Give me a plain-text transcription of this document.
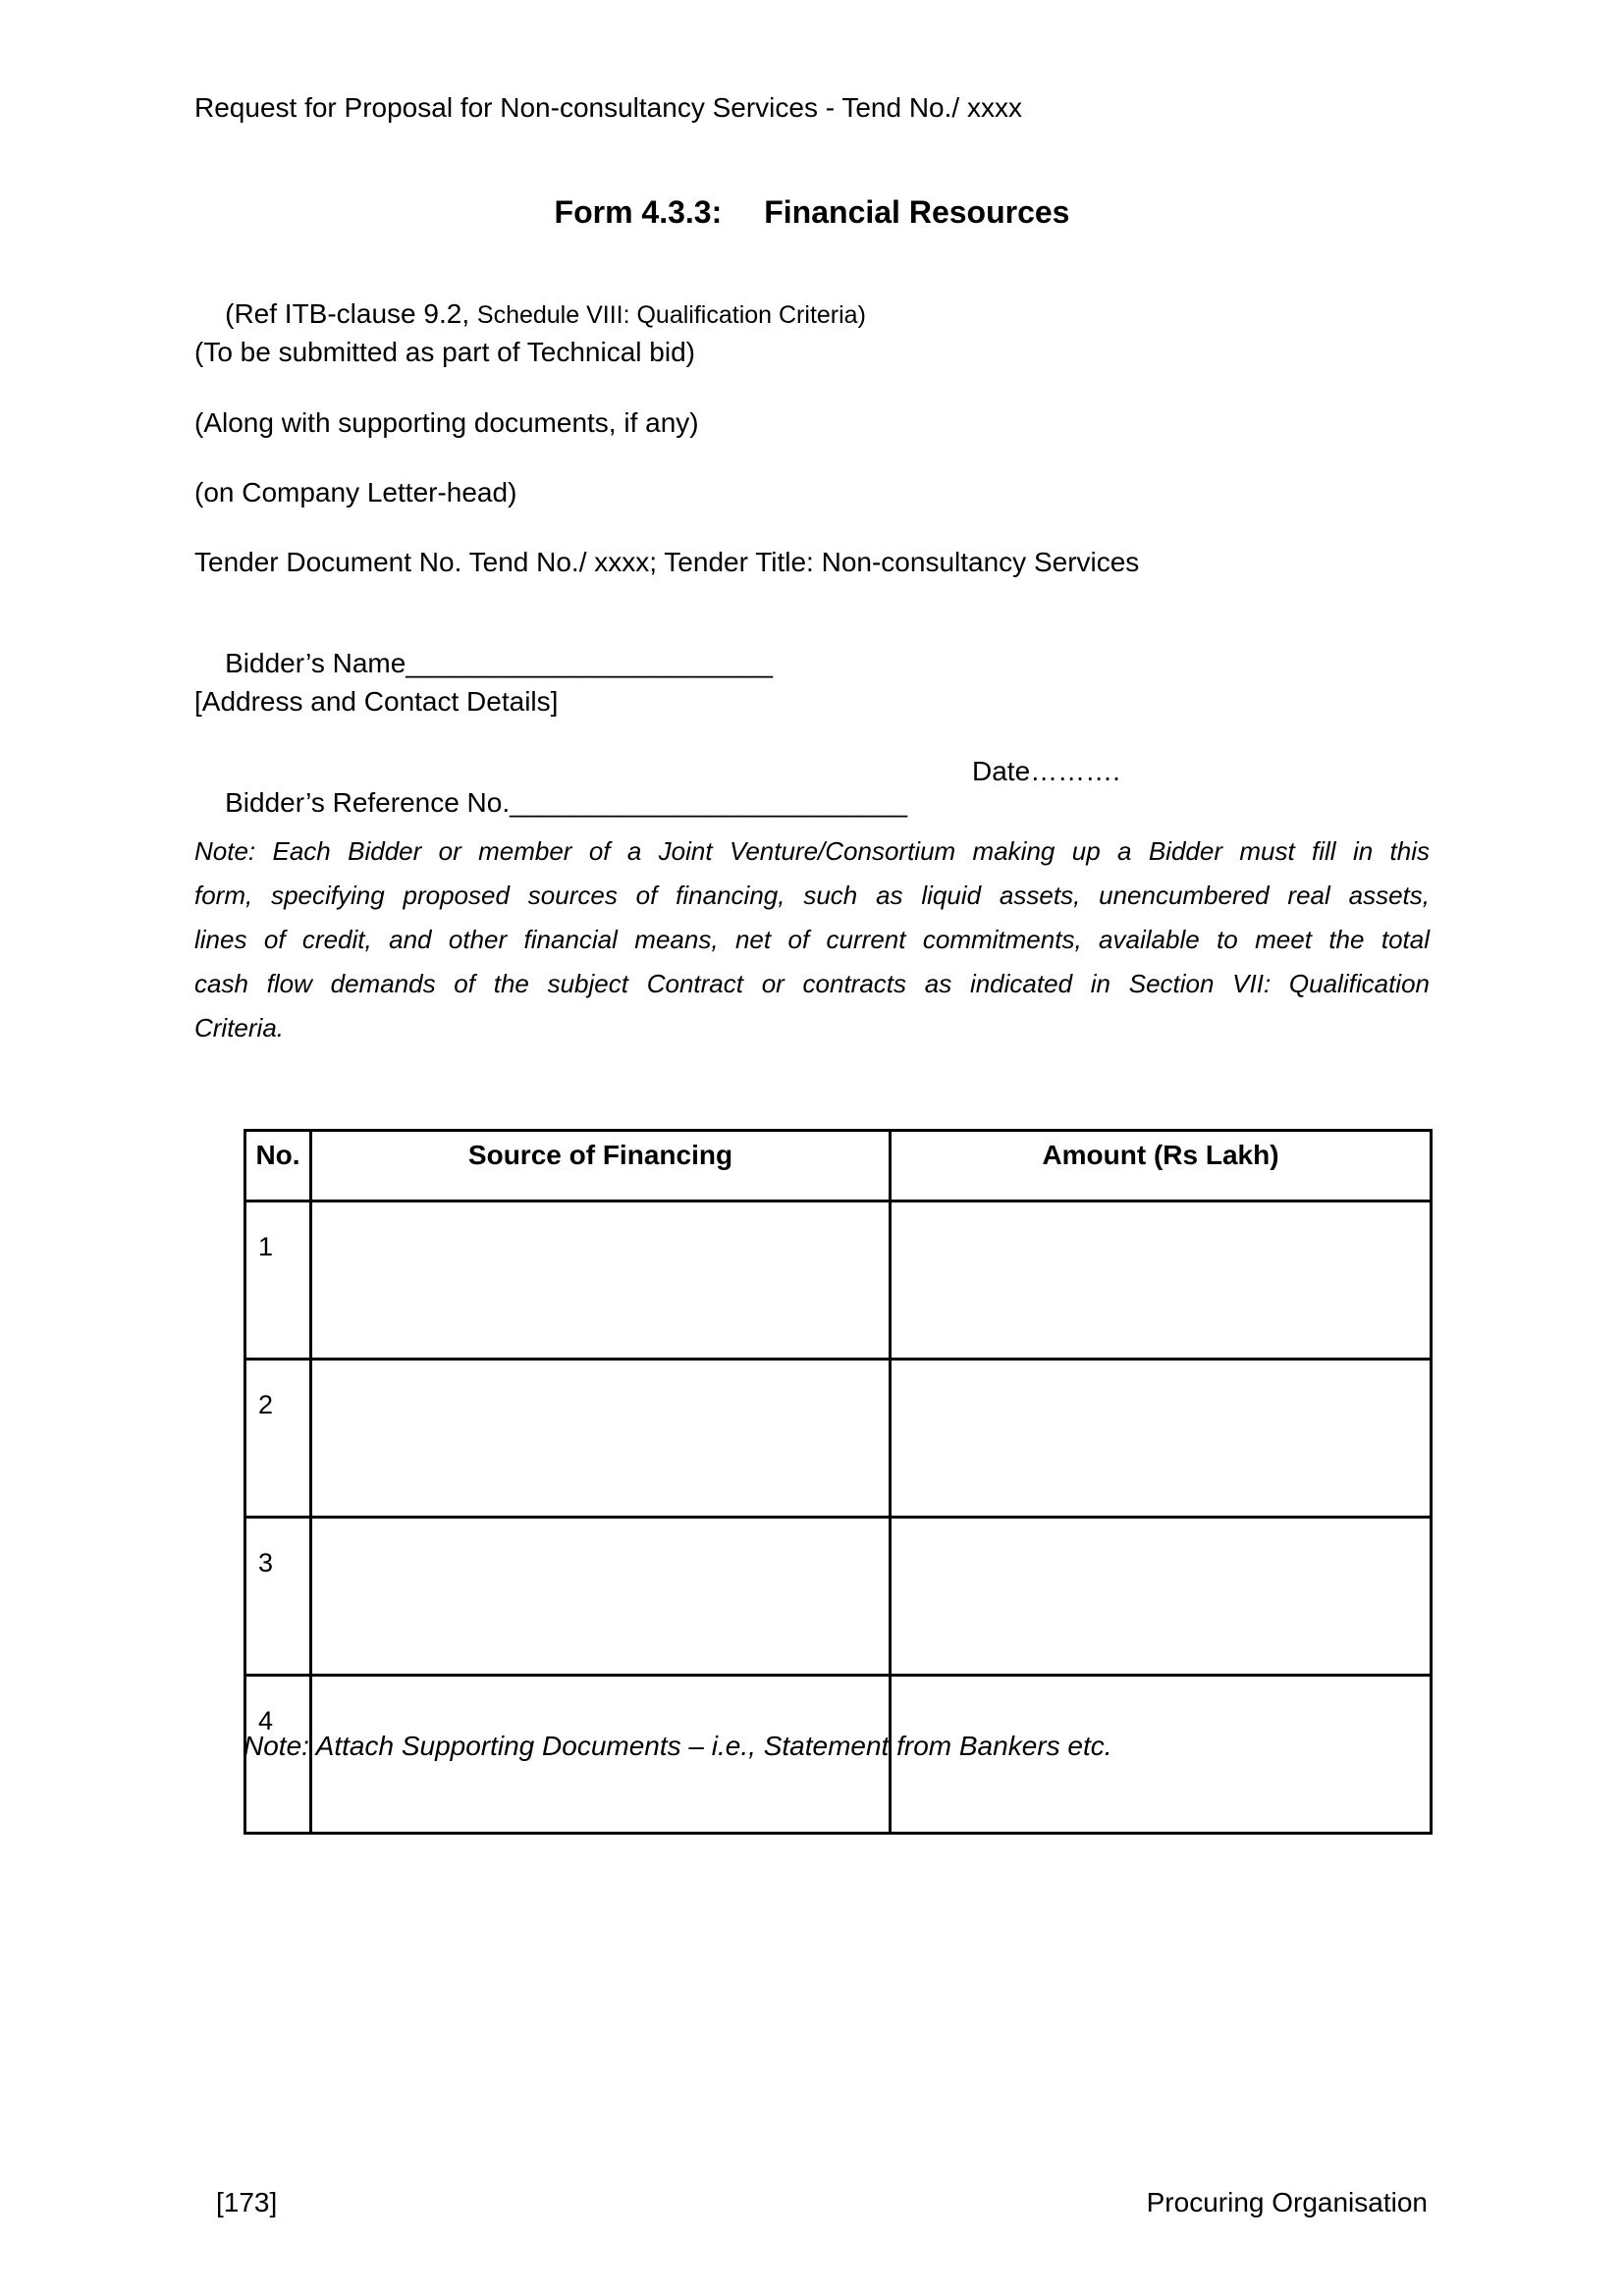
Request for Proposal for Non-consultancy Services - Tend No./ xxxx
Form 4.3.3: Financial Resources

(Ref ITB-clause 9.2, Schedule VIII: Qualification Criteria)

(To be submitted as part of Technical bid)
(Along with supporting documents, if any)
(on Company Letter-head)
Tender Document No. Tend No./ xxxx; Tender Title: Non-consultancy Services

Bidder’s Name________________________

[Address and Contact Details]

Bidder’s Reference No.__________________________

Date……….

Note: Each Bidder or member of a Joint Venture/Consortium making up a Bidder must fill in this
form, specifying proposed sources of financing, such as liquid assets, unencumbered real assets,
lines of credit, and other financial means, net of current commitments, available to meet the total
cash flow demands of the subject Contract or contracts as indicated in Section VII: Qualification
Criteria.
No.	Source of Financing	Amount (Rs Lakh)
1		
2		
3		
4		
Note: Attach Supporting Documents – i.e., Statement from Bankers etc.
[173]	Procuring Organisation
